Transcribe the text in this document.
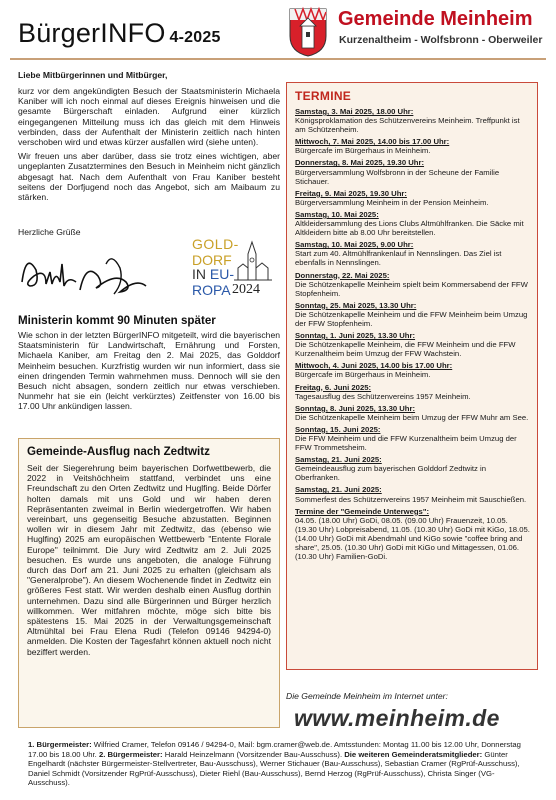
BürgerINFO 4-2025
Gemeinde Meinheim
Kurzenaltheim - Wolfsbronn - Oberweiler
Liebe Mitbürgerinnen und Mitbürger,

kurz vor dem angekündigten Besuch der Staatsministerin Michaela Kaniber will ich noch einmal auf dieses Ereignis hinweisen und die gesamte Bürgerschaft einladen. Aufgrund einer kürzlich eingegangenen Mitteilung muss ich das gleich mit dem Hinweis verbinden, dass der Aufenthalt der Ministerin zeitlich nach hinten verschoben wird und etwas kürzer ausfallen wird (siehe unten).

Wir freuen uns aber darüber, dass sie trotz eines wichtigen, aber ungeplanten Zusatztermines den Besuch in Meinheim nicht gänzlich abgesagt hat. Nach dem Aufenthalt von Frau Kaniber besteht seitens der Dorfjugend noch das Angebot, sich am Maibaum zu stärken.

Herzliche Grüße
GOLD-
DORF
IN EU-
ROPA 2024
Ministerin kommt 90 Minuten später
Wie schon in der letzten BürgerINFO mitgeteilt, wird die bayerischen Staatsministerin für Landwirtschaft, Ernährung und Forsten, Michaela Kaniber, am Freitag den 2. Mai 2025, das Golddorf Meinheim besuchen. Kurzfristig wurden wir nun informiert, dass sie einen dringenden Termin wahrnehmen muss. Dennoch will sie den Besuch nicht absagen, sondern zeitlich nur etwas verschieben. Nunmehr hat sie ein (leicht verkürztes) Zeitfenster von 16.00 bis 17.00 Uhr ankündigen lassen.
Gemeinde-Ausflug nach Zedtwitz
Seit der Siegerehrung beim bayerischen Dorfwettbewerb, die 2022 in Veitshöchheim stattfand, verbindet uns eine Freundschaft zu den Orten Zedtwitz und Huglfing. Beide Dörfer holten damals mit uns Gold und wir haben deren Repräsentanten zweimal in Berlin wiedergetroffen. Wir haben vereinbart, uns gegenseitig Besuche abzustatten. Beginnen wollen wir in diesem Jahr mit Zedtwitz, das (ebenso wie Huglfing) 2025 am europäischen Wettbewerb "Entente Florale Europe" teilnimmt. Die Jury wird Zedtwitz am 2. Juli 2025 besuchen. Es wurde uns angeboten, die analoge Führung durch das Dorf am 21. Juni 2025 zu erhalten (gleichsam als "Generalprobe"). An diesem Wochenende findet in Zedtwitz ein größeres Fest statt. Wir werden deshalb einen Ausflug dorthin unternehmen. Dazu sind alle Bürgerinnen und Bürger herzlich willkommen. Wer mitfahren möchte, möge sich bitte bis spätestens 15. Mai 2025 in der Verwaltungsgemeinschaft Altmühltal bei Frau Elena Rudi (Telefon 09146 94294-0) anmelden. Die Kosten der Tagesfahrt können aktuell noch nicht beziffert werden.
TERMINE
Samstag, 3. Mai 2025, 18.00 Uhr:
Königsproklamation des Schützenvereins Meinheim. Treffpunkt ist am Schützenheim.
Mittwoch, 7. Mai 2025, 14.00 bis 17.00 Uhr:
Bürgercafe im Bürgerhaus in Meinheim.
Donnerstag, 8. Mai 2025, 19.30 Uhr:
Bürgerversammlung Wolfsbronn in der Scheune der Familie Stichauer.
Freitag, 9. Mai 2025, 19.30 Uhr:
Bürgerversammlung Meinheim in der Pension Meinheim.
Samstag, 10. Mai 2025:
Altkleidersammlung des Lions Clubs Altmühlfranken. Die Säcke mit Altkleidern bitte ab 8.00 Uhr bereitstellen.
Samstag, 10. Mai 2025, 9.00 Uhr:
Start zum 40. Altmühlfrankenlauf in Nennslingen. Das Ziel ist ebenfalls in Nennslingen.
Donnerstag, 22. Mai 2025:
Die Schützenkapelle Meinheim spielt beim Kommersabend der FFW Stopfenheim.
Sonntag, 25. Mai 2025, 13.30 Uhr:
Die Schützenkapelle Meinheim und die FFW Meinheim beim Umzug der FFW Stopfenheim.
Sonntag, 1. Juni 2025, 13.30 Uhr:
Die Schützenkapelle Meinheim, die FFW Meinheim und die FFW Kurzenaltheim beim Umzug der FFW Wachstein.
Mittwoch, 4. Juni 2025, 14.00 bis 17.00 Uhr:
Bürgercafe im Bürgerhaus in Meinheim.
Freitag, 6. Juni 2025:
Tagesausflug des Schützenvereins 1957 Meinheim.
Sonntag, 8. Juni 2025, 13.30 Uhr:
Die Schützenkapelle Meinheim beim Umzug der FFW Muhr am See.
Sonntag, 15. Juni 2025:
Die FFW Meinheim und die FFW Kurzenaltheim beim Umzug der FFW Trommetsheim.
Samstag, 21. Juni 2025:
Gemeindeausflug zum bayerischen Golddorf Zedtwitz in Oberfranken.
Samstag, 21. Juni 2025:
Sommerfest des Schützenvereins 1957 Meinheim mit Sauschießen.
Termine der "Gemeinde Unterwegs":
04.05. (18.00 Uhr) GoDi, 08.05. (09.00 Uhr) Frauenzeit, 10.05. (19.30 Uhr) Lobpreisabend, 11.05. (10.30 Uhr) GoDi mit KiGo, 18.05. (14.00 Uhr) GoDi mit Abendmahl und KiGo sowie "coffee bring and share", 25.05. (10.30 Uhr) GoDi mit KiGo und Mittagessen, 01.06. (10.30 Uhr) Familien-GoDi.
Die Gemeinde Meinheim im Internet unter:
www.meinheim.de
1. Bürgermeister: Wilfried Cramer, Telefon 09146 / 94294-0, Mail: bgm.cramer@web.de. Amtsstunden: Montag 11.00 bis 12.00 Uhr, Donnerstag 17.00 bis 18.00 Uhr. 2. Bürgermeister: Harald Heinzelmann (Vorsitzender Bau-Ausschuss). Die weiteren Gemeinderatsmitglieder: Günter Engelhardt (nächster Bürgermeister-Stellvertreter, Bau-Ausschuss), Werner Stichauer (Bau-Ausschuss), Sebastian Cramer (RgPrüf-Ausschuss), Daniel Schmidt (Vorsitzender RgPrüf-Ausschuss), Dieter Riehl (Bau-Ausschuss), Bernd Herzog (RgPrüf-Ausschuss), Christa Singer (VG-Ausschuss).
